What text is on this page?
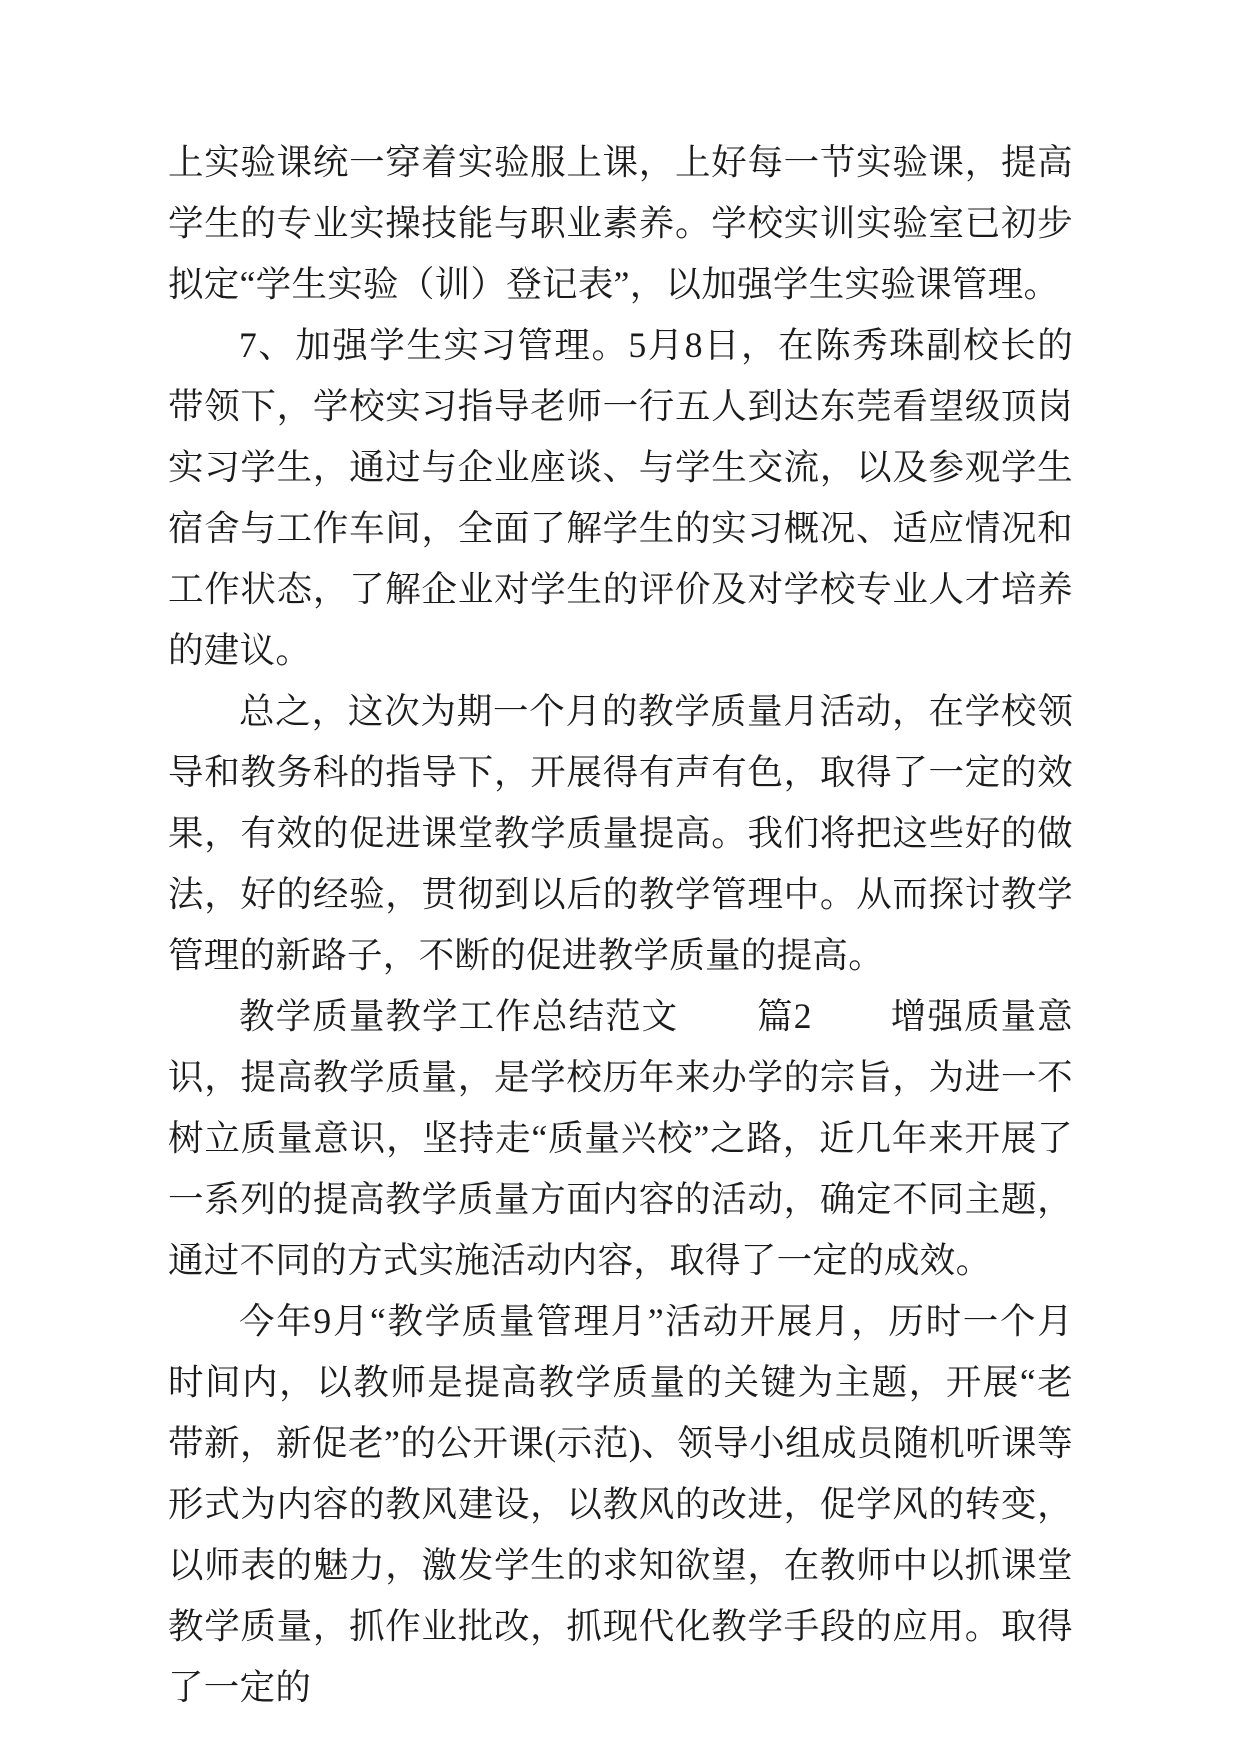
上实验课统一穿着实验服上课，上好每一节实验课，提高学生的专业实操技能与职业素养。学校实训实验室已初步拟定“学生实验（训）登记表”，以加强学生实验课管理。

7、加强学生实习管理。5月8日，在陈秀珠副校长的带领下，学校实习指导老师一行五人到达东莞看望级顶岗实习学生，通过与企业座谈、与学生交流，以及参观学生宿舍与工作车间，全面了解学生的实习概况、适应情况和工作状态，了解企业对学生的评价及对学校专业人才培养的建议。

总之，这次为期一个月的教学质量月活动，在学校领导和教务科的指导下，开展得有声有色，取得了一定的效果，有效的促进课堂教学质量提高。我们将把这些好的做法，好的经验，贯彻到以后的教学管理中。从而探讨教学管理的新路子，不断的促进教学质量的提高。

教学质量教学工作总结范文 篇2 增强质量意识，提高教学质量，是学校历年来办学的宗旨，为进一不树立质量意识，坚持走“质量兴校”之路，近几年来开展了一系列的提高教学质量方面内容的活动，确定不同主题，通过不同的方式实施活动内容，取得了一定的成效。

今年9月“教学质量管理月”活动开展月，历时一个月时间内，以教师是提高教学质量的关键为主题，开展“老带新，新促老”的公开课(示范)、领导小组成员随机听课等形式为内容的教风建设，以教风的改进，促学风的转变，以师表的魅力，激发学生的求知欲望，在教师中以抓课堂教学质量，抓作业批改，抓现代化教学手段的应用。取得了一定的
